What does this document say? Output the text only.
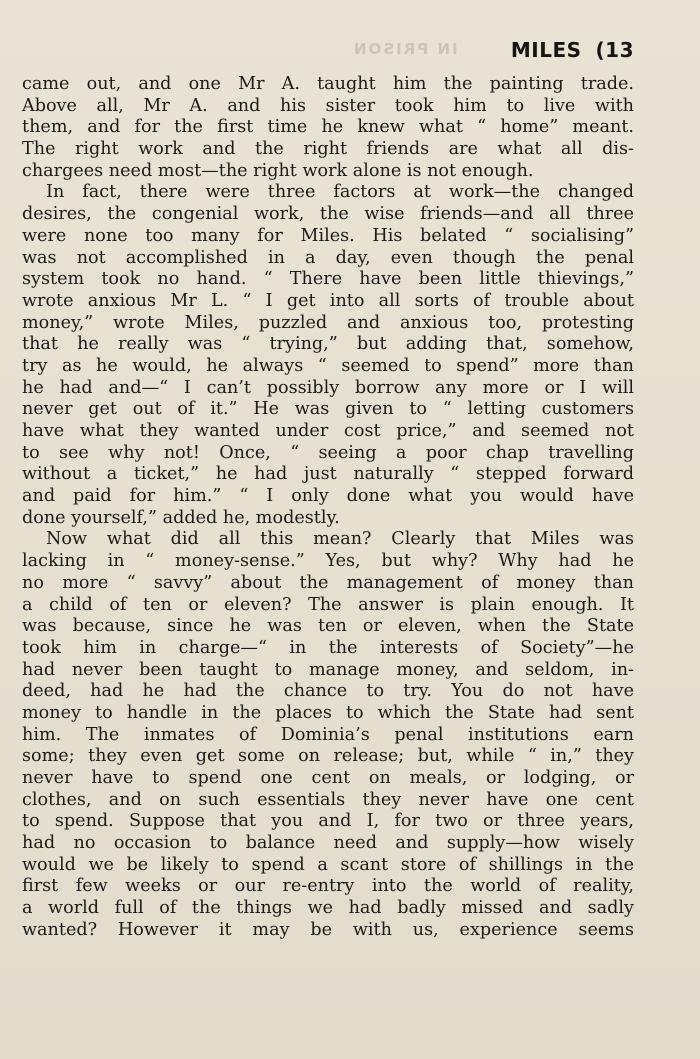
IN PRISON	MILES (13
came out, and one Mr A. taught him the painting trade.
Above all, Mr A. and his sister took him to live with
them, and for the first time he knew what “ home” meant.
The right work and the right friends are what all dis-
chargees need most—the right work alone is not enough.
In fact, there were three factors at work—the changed
desires, the congenial work, the wise friends—and all three
were none too many for Miles. His belated “ socialising”
was not accomplished in a day, even though the penal
system took no hand. “ There have been little thievings,”
wrote anxious Mr L. “ I get into all sorts of trouble about
money,” wrote Miles, puzzled and anxious too, protesting
that he really was “ trying,” but adding that, somehow,
try as he would, he always “ seemed to spend” more than
he had and—“ I can’t possibly borrow any more or I will
never get out of it.” He was given to “ letting customers
have what they wanted under cost price,” and seemed not
to see why not! Once, “ seeing a poor chap travelling
without a ticket,” he had just naturally “ stepped forward
and paid for him.” “ I only done what you would have
done yourself,” added he, modestly.
Now what did all this mean? Clearly that Miles was
lacking in “ money-sense.” Yes, but why? Why had he
no more “ savvy” about the management of money than
a child of ten or eleven? The answer is plain enough. It
was because, since he was ten or eleven, when the State
took him in charge—“ in the interests of Society”—he
had never been taught to manage money, and seldom, in-
deed, had he had the chance to try. You do not have
money to handle in the places to which the State had sent
him. The inmates of Dominia’s penal institutions earn
some; they even get some on release; but, while “ in,” they
never have to spend one cent on meals, or lodging, or
clothes, and on such essentials they never have one cent
to spend. Suppose that you and I, for two or three years,
had no occasion to balance need and supply—how wisely
would we be likely to spend a scant store of shillings in the
first few weeks or our re-entry into the world of reality,
a world full of the things we had badly missed and sadly
wanted? However it may be with us, experience seems
